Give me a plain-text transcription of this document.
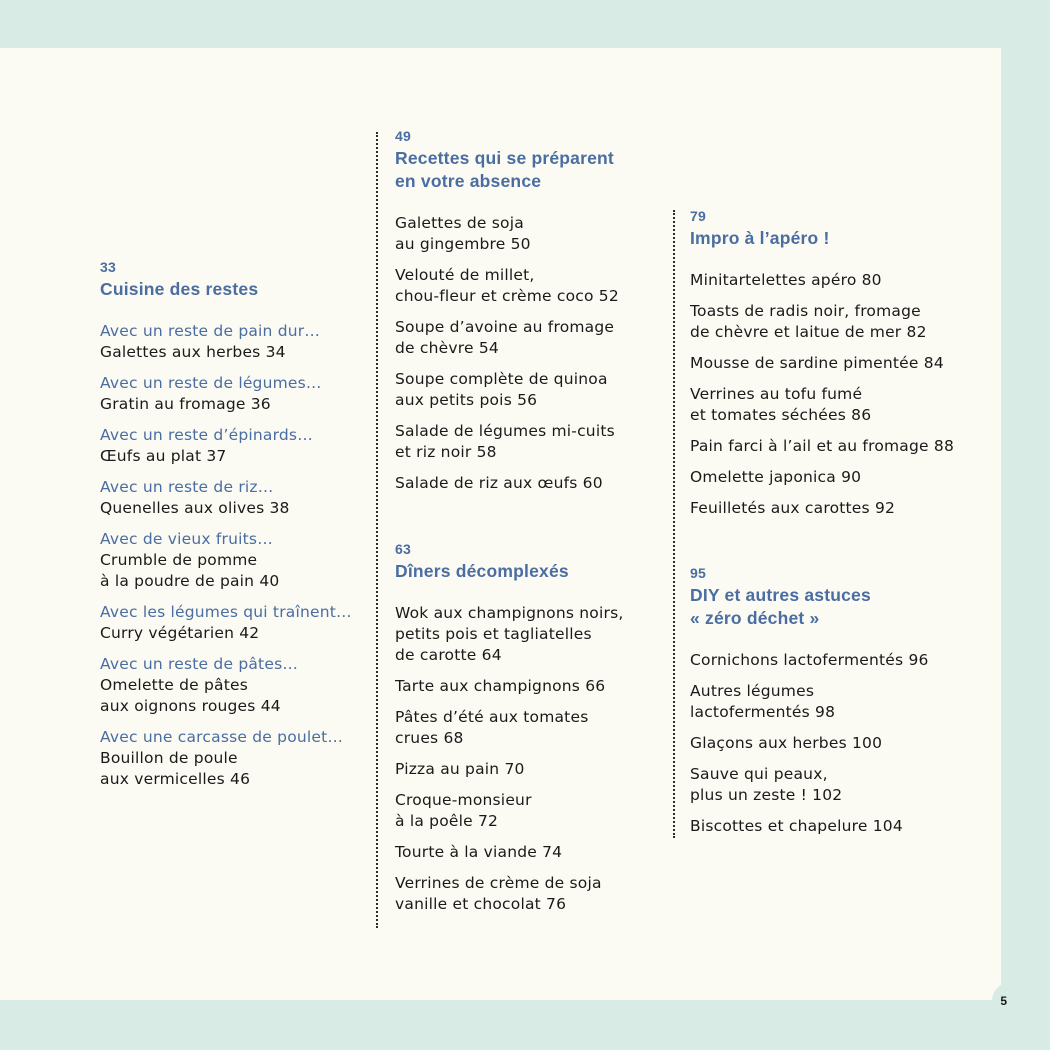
33
Cuisine des restes
Avec un reste de pain dur…
Galettes aux herbes 34
Avec un reste de légumes…
Gratin au fromage 36
Avec un reste d’épinards…
Œufs au plat 37
Avec un reste de riz…
Quenelles aux olives 38
Avec de vieux fruits…
Crumble de pomme
à la poudre de pain 40
Avec les légumes qui traînent…
Curry végétarien 42
Avec un reste de pâtes…
Omelette de pâtes
aux oignons rouges 44
Avec une carcasse de poulet…
Bouillon de poule
aux vermicelles 46
49
Recettes qui se préparent
en votre absence
Galettes de soja
au gingembre 50
Velouté de millet,
chou-fleur et crème coco 52
Soupe d’avoine au fromage
de chèvre 54
Soupe complète de quinoa
aux petits pois 56
Salade de légumes mi-cuits
et riz noir 58
Salade de riz aux œufs 60
63
Dîners décomplexés
Wok aux champignons noirs,
petits pois et tagliatelles
de carotte 64
Tarte aux champignons 66
Pâtes d’été aux tomates
crues 68
Pizza au pain 70
Croque-monsieur
à la poêle 72
Tourte à la viande 74
Verrines de crème de soja
vanille et chocolat 76
79
Impro à l’apéro !
Minitartelettes apéro 80
Toasts de radis noir, fromage
de chèvre et laitue de mer 82
Mousse de sardine pimentée 84
Verrines au tofu fumé
et tomates séchées 86
Pain farci à l’ail et au fromage 88
Omelette japonica 90
Feuilletés aux carottes 92
95
DIY et autres astuces
« zéro déchet »
Cornichons lactofermentés 96
Autres légumes
lactofermentés 98
Glaçons aux herbes 100
Sauve qui peaux,
plus un zeste ! 102
Biscottes et chapelure 104
5
